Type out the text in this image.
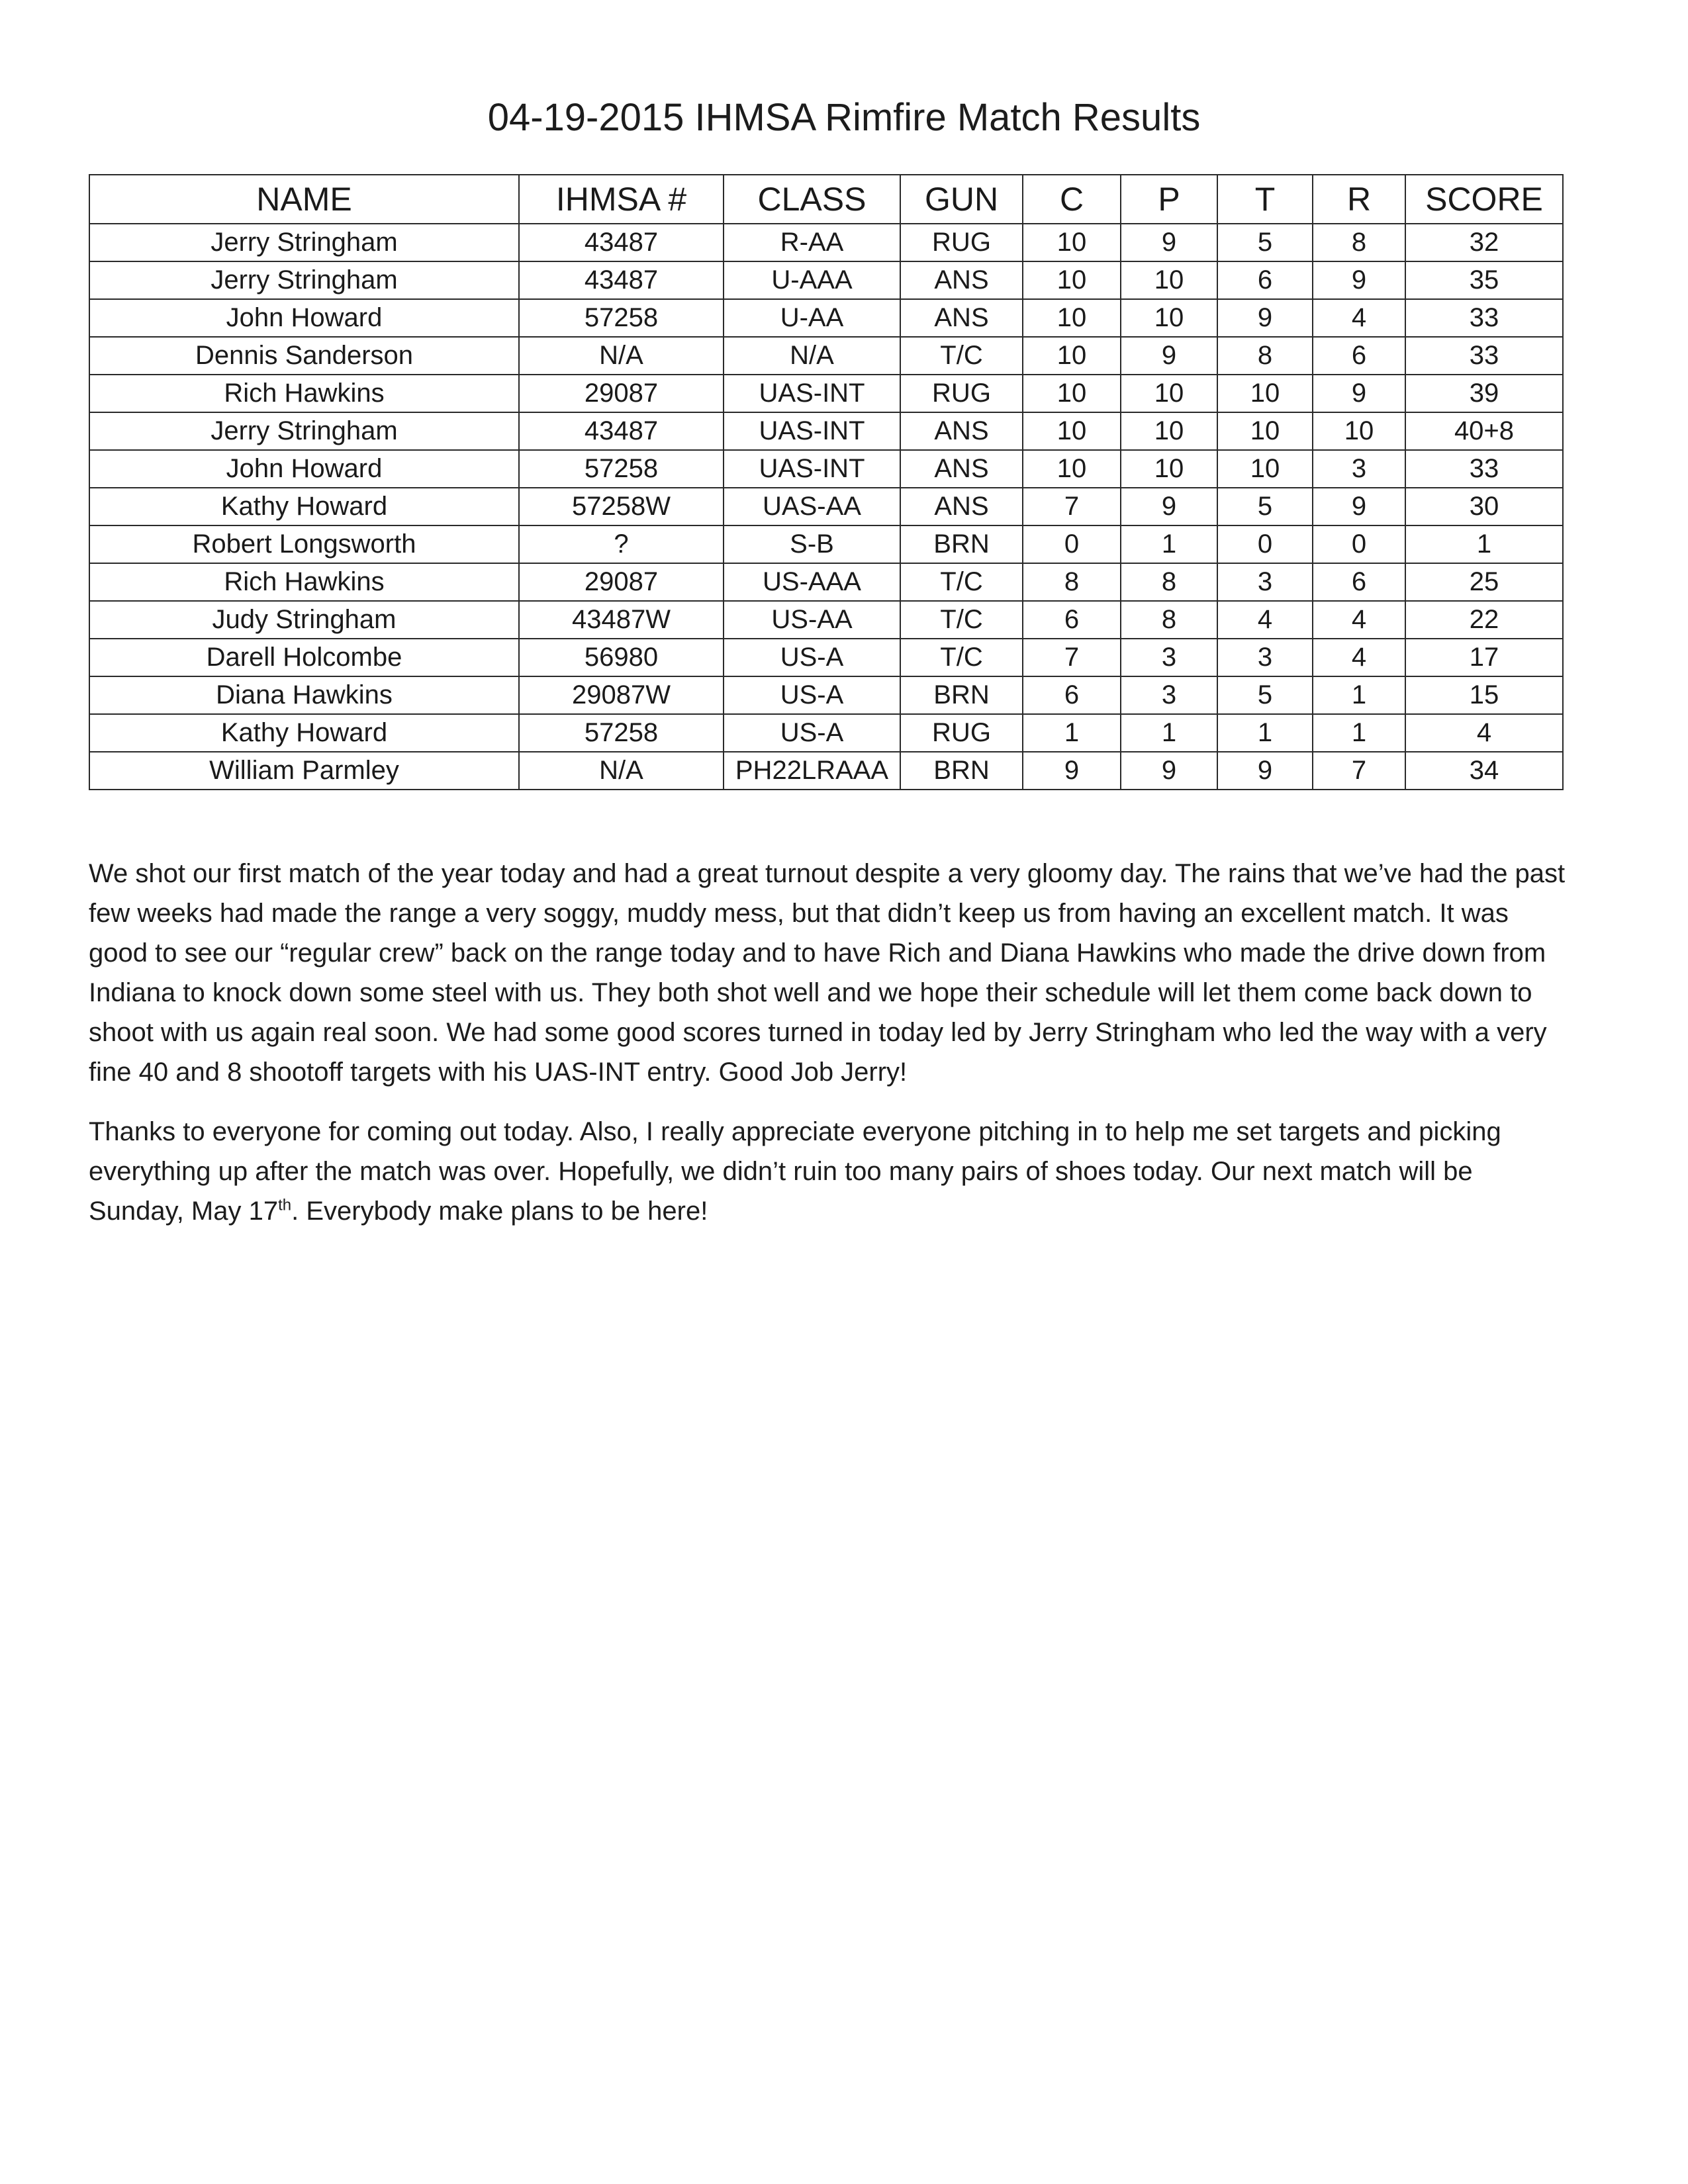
04-19-2015 IHMSA Rimfire Match Results
NAME	IHMSA #	CLASS	GUN	C	P	T	R	SCORE
Jerry Stringham	43487	R-AA	RUG	10	9	5	8	32
Jerry Stringham	43487	U-AAA	ANS	10	10	6	9	35
John Howard	57258	U-AA	ANS	10	10	9	4	33
Dennis Sanderson	N/A	N/A	T/C	10	9	8	6	33
Rich Hawkins	29087	UAS-INT	RUG	10	10	10	9	39
Jerry Stringham	43487	UAS-INT	ANS	10	10	10	10	40+8
John Howard	57258	UAS-INT	ANS	10	10	10	3	33
Kathy Howard	57258W	UAS-AA	ANS	7	9	5	9	30
Robert Longsworth	?	S-B	BRN	0	1	0	0	1
Rich Hawkins	29087	US-AAA	T/C	8	8	3	6	25
Judy Stringham	43487W	US-AA	T/C	6	8	4	4	22
Darell Holcombe	56980	US-A	T/C	7	3	3	4	17
Diana Hawkins	29087W	US-A	BRN	6	3	5	1	15
Kathy Howard	57258	US-A	RUG	1	1	1	1	4
William Parmley	N/A	PH22LRAAA	BRN	9	9	9	7	34

We shot our first match of the year today and had a great turnout despite a very gloomy day. The rains that we’ve had the past few weeks had made the range a very soggy, muddy mess, but that didn’t keep us from having an excellent match. It was good to see our “regular crew” back on the range today and to have Rich and Diana Hawkins who made the drive down from Indiana to knock down some steel with us. They both shot well and we hope their schedule will let them come back down to shoot with us again real soon. We had some good scores turned in today led by Jerry Stringham who led the way with a very fine 40 and 8 shootoff targets with his UAS-INT entry. Good Job Jerry!

Thanks to everyone for coming out today. Also, I really appreciate everyone pitching in to help me set targets and picking everything up after the match was over. Hopefully, we didn’t ruin too many pairs of shoes today. Our next match will be Sunday, May 17th. Everybody make plans to be here!
